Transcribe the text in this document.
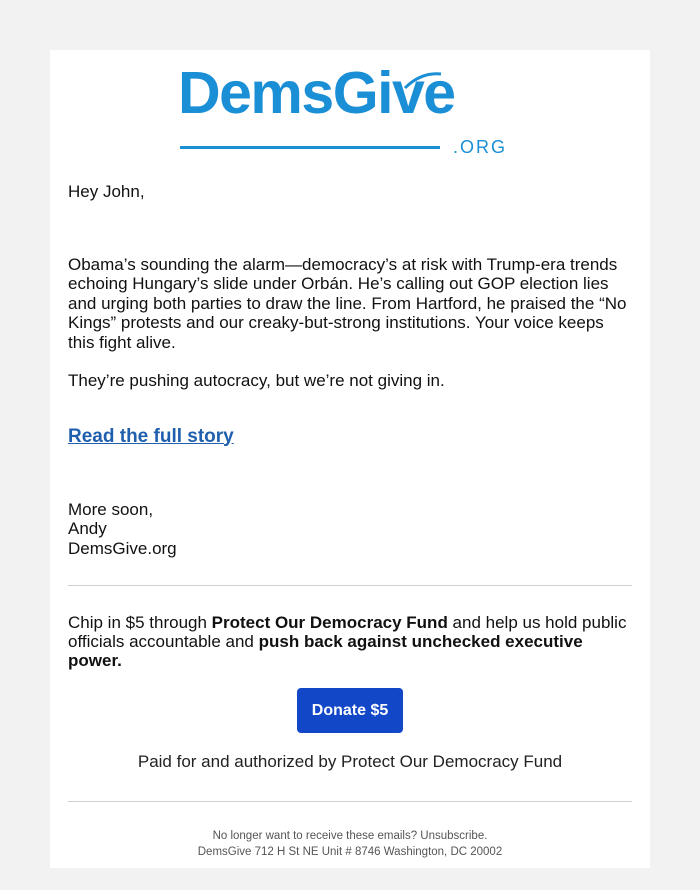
DemsGive
.ORG

Hey John,

Obama’s sounding the alarm—democracy’s at risk with Trump-era trends echoing Hungary’s slide under Orbán. He’s calling out GOP election lies and urging both parties to draw the line. From Hartford, he praised the “No Kings” protests and our creaky-but-strong institutions. Your voice keeps this fight alive.

They’re pushing autocracy, but we’re not giving in.

Read the full story

More soon,
Andy
DemsGive.org

Chip in $5 through Protect Our Democracy Fund and help us hold public officials accountable and push back against unchecked executive power.

Donate $5

Paid for and authorized by Protect Our Democracy Fund

No longer want to receive these emails? Unsubscribe.
DemsGive 712 H St NE Unit # 8746 Washington, DC 20002
